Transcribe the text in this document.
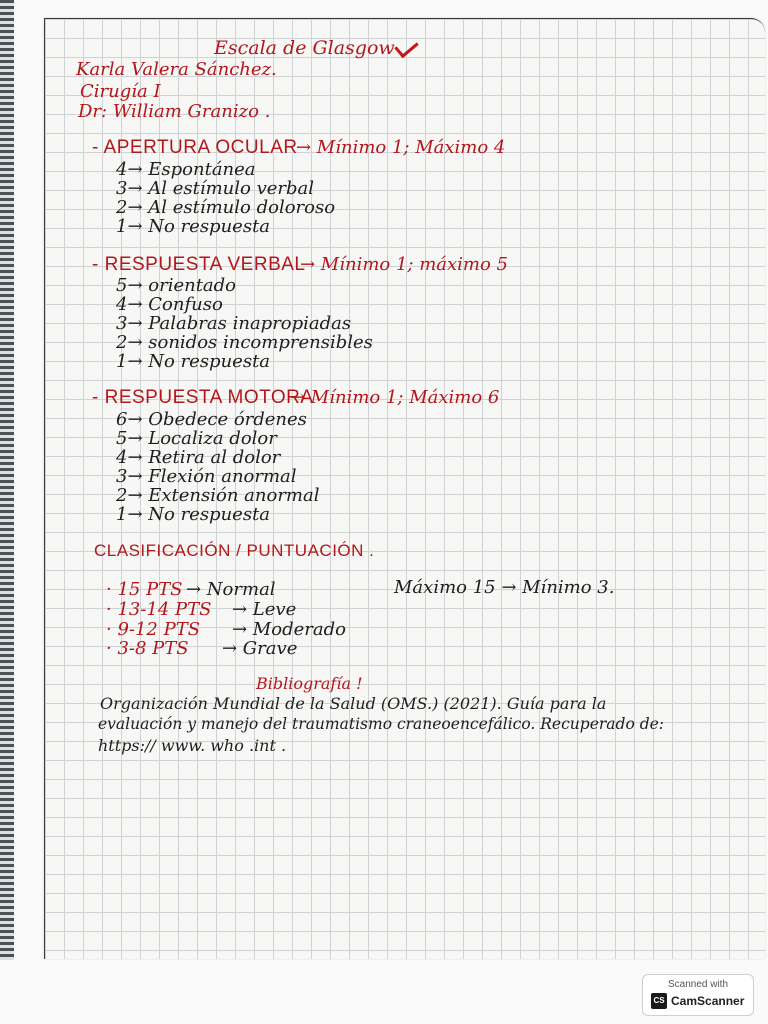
Escala de Glasgow
Karla Valera Sánchez.
Cirugía I
Dr: William Granizo .
- APERTURA OCULAR
→ Mínimo 1; Máximo 4
4→ Espontánea
3→ Al estímulo verbal
2→ Al estímulo doloroso
1→ No respuesta
- RESPUESTA VERBAL
→ Mínimo 1; máximo 5
5→ orientado
4→ Confuso
3→ Palabras inapropiadas
2→ sonidos incomprensibles
1→ No respuesta
- RESPUESTA MOTORA
→ Mínimo 1; Máximo 6
6→ Obedece órdenes
5→ Localiza dolor
4→ Retira al dolor
3→ Flexión anormal
2→ Extensión anormal
1→ No respuesta
CLASIFICACIÓN / PUNTUACIÓN .
· 15 PTS → Normal
· 13-14 PTS → Leve
· 9-12 PTS → Moderado
· 3-8 PTS → Grave
Máximo 15 → Mínimo 3.
Bibliografía !
Organización Mundial de la Salud (OMS.) (2021). Guía para la
evaluación y manejo del traumatismo craneoencefálico. Recuperado de:
https:// www. who .int .
Scanned with
CS CamScanner
